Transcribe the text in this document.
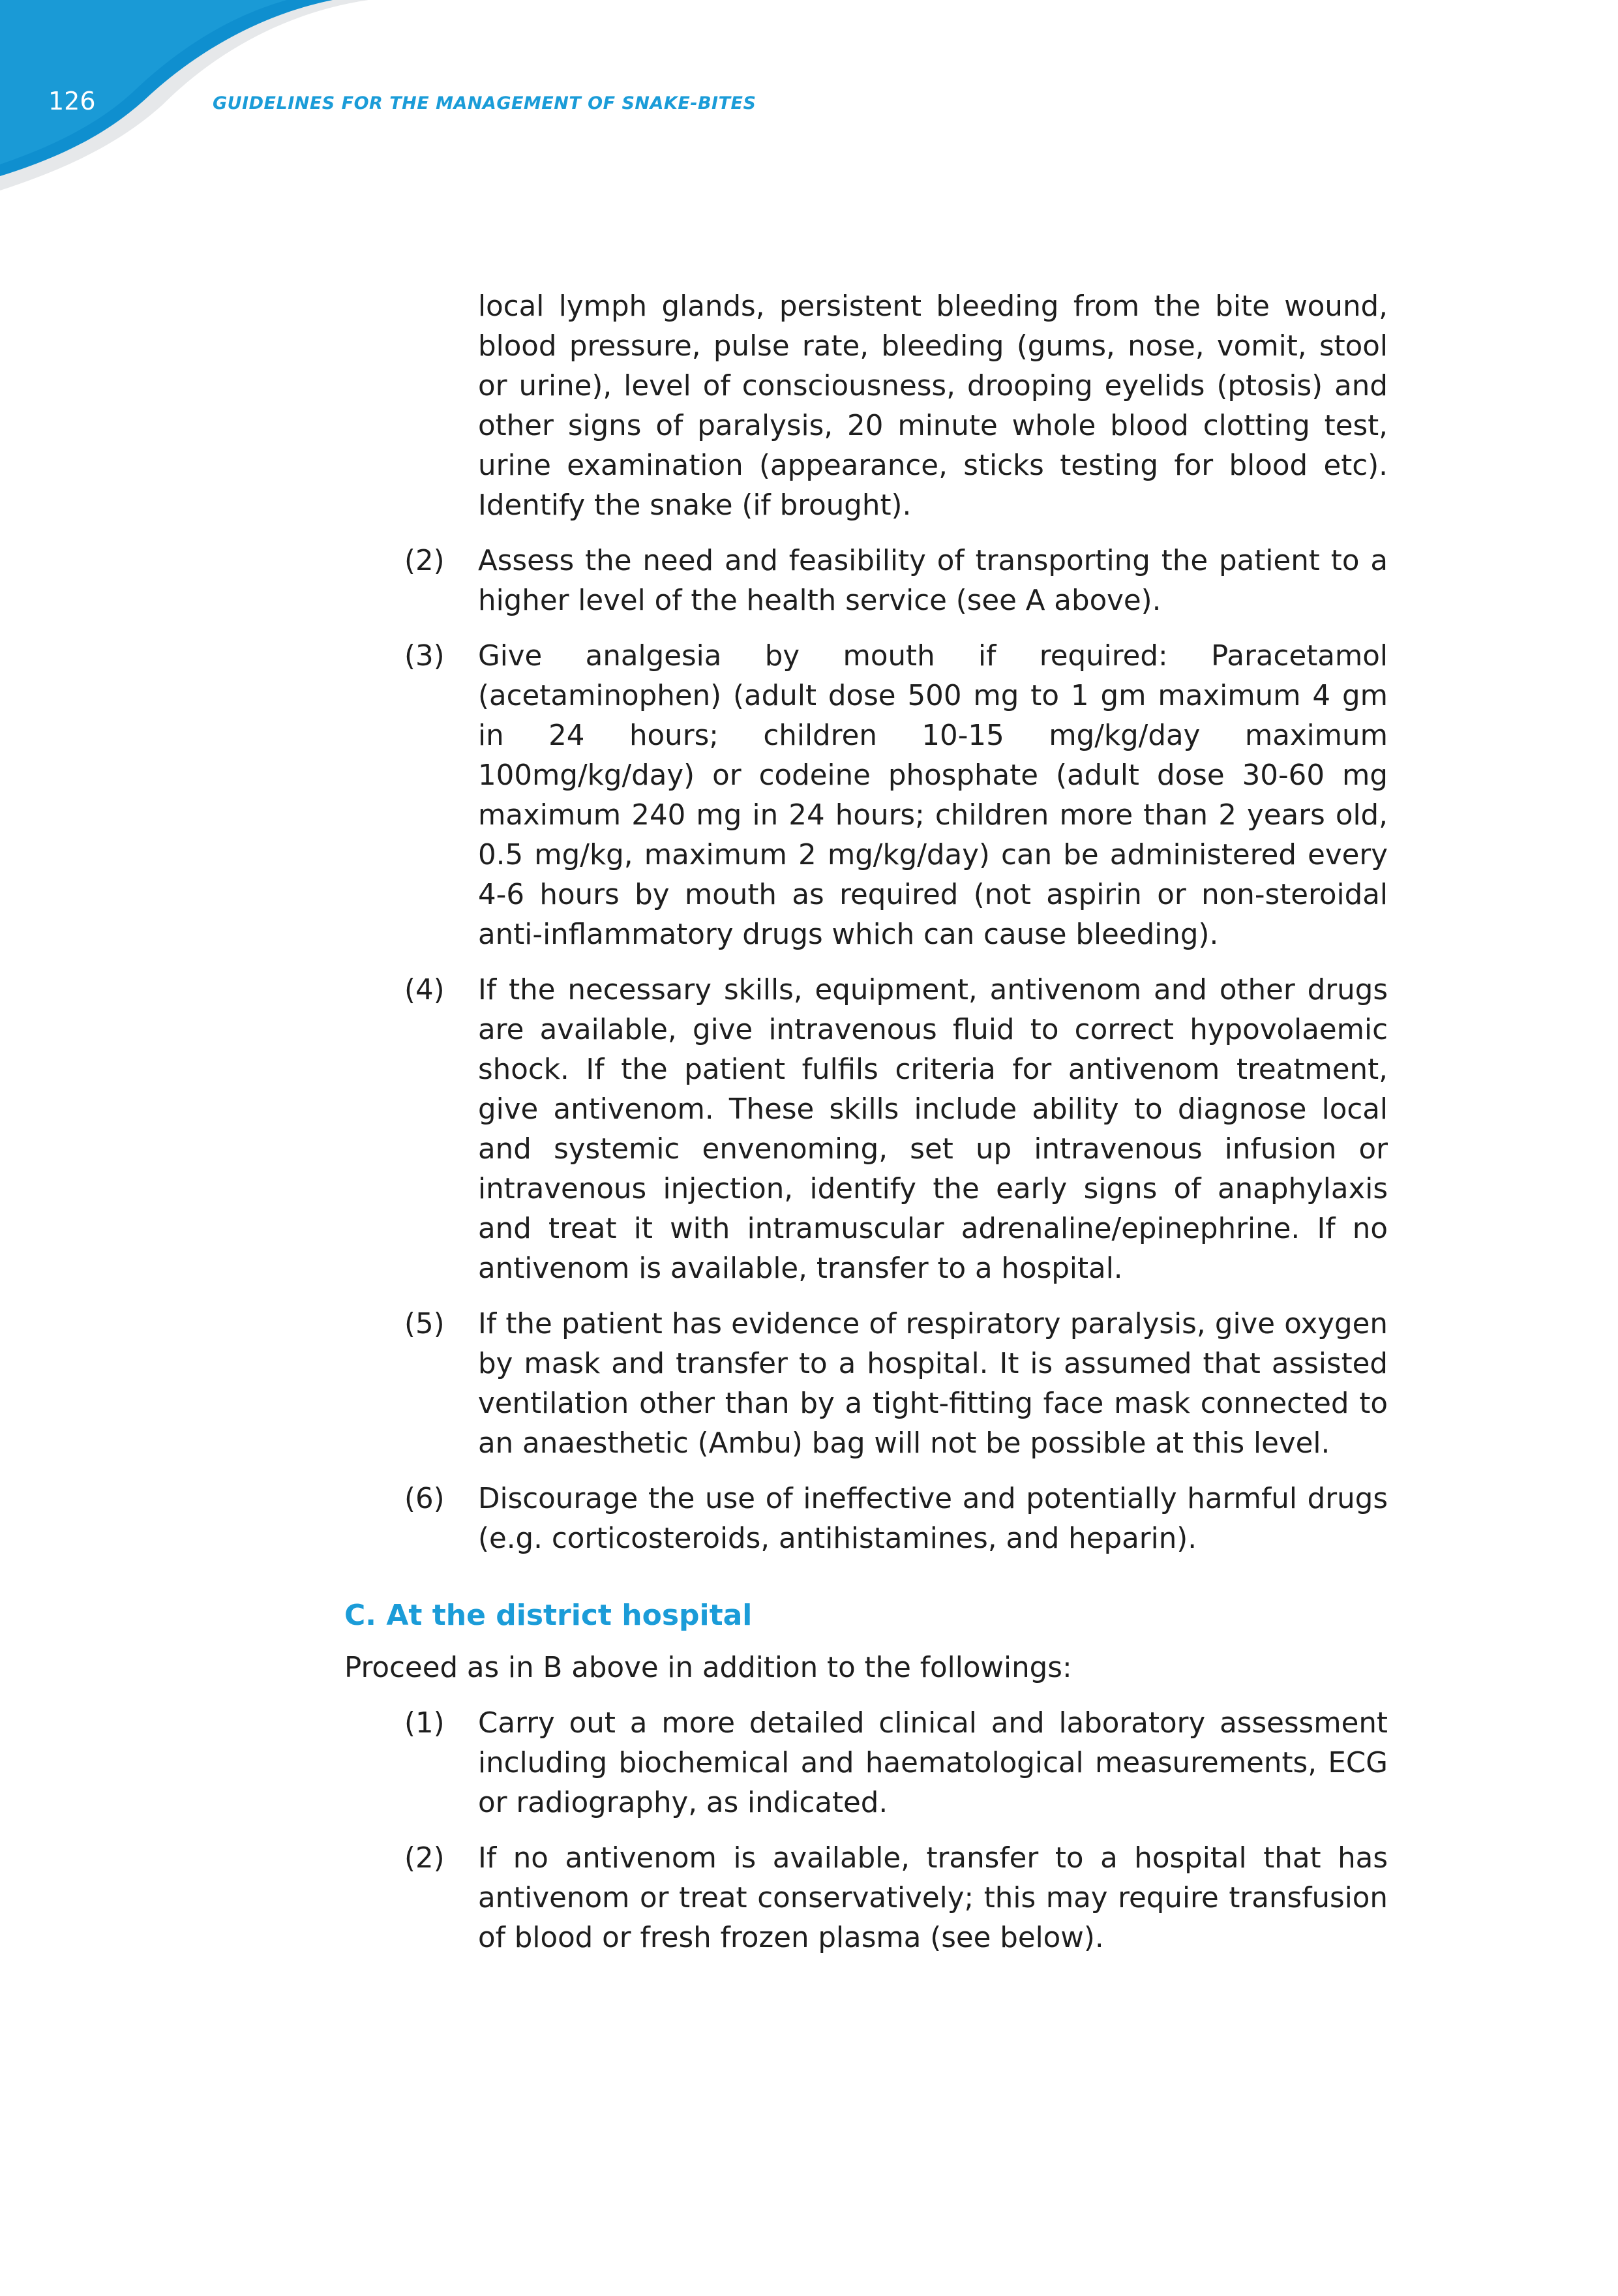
126	GUIDELINES FOR THE MANAGEMENT OF SNAKE-BITES
local lymph glands, persistent bleeding from the bite wound, blood pressure, pulse rate, bleeding (gums, nose, vomit, stool or urine), level of consciousness, drooping eyelids (ptosis) and other signs of paralysis, 20 minute whole blood clotting test, urine examination (appearance, sticks testing for blood etc). Identify the snake (if brought).
(2) Assess the need and feasibility of transporting the patient to a higher level of the health service (see A above).
(3) Give analgesia by mouth if required: Paracetamol (acetaminophen) (adult dose 500 mg to 1 gm maximum 4 gm in 24 hours; children 10-15 mg/kg/day maximum 100mg/kg/day) or codeine phosphate (adult dose 30-60 mg maximum 240 mg in 24 hours; children more than 2 years old, 0.5 mg/kg, maximum 2 mg/kg/day) can be administered every 4-6 hours by mouth as required (not aspirin or non-steroidal anti-inflammatory drugs which can cause bleeding).
(4) If the necessary skills, equipment, antivenom and other drugs are available, give intravenous fluid to correct hypovolaemic shock. If the patient fulfils criteria for antivenom treatment, give antivenom. These skills include ability to diagnose local and systemic envenoming, set up intravenous infusion or intravenous injection, identify the early signs of anaphylaxis and treat it with intramuscular adrenaline/epinephrine. If no antivenom is available, transfer to a hospital.
(5) If the patient has evidence of respiratory paralysis, give oxygen by mask and transfer to a hospital. It is assumed that assisted ventilation other than by a tight-fitting face mask connected to an anaesthetic (Ambu) bag will not be possible at this level.
(6) Discourage the use of ineffective and potentially harmful drugs (e.g. corticosteroids, antihistamines, and heparin).
C. At the district hospital
Proceed as in B above in addition to the followings:
(1) Carry out a more detailed clinical and laboratory assessment including biochemical and haematological measurements, ECG or radiography, as indicated.
(2) If no antivenom is available, transfer to a hospital that has antivenom or treat conservatively; this may require transfusion of blood or fresh frozen plasma (see below).
